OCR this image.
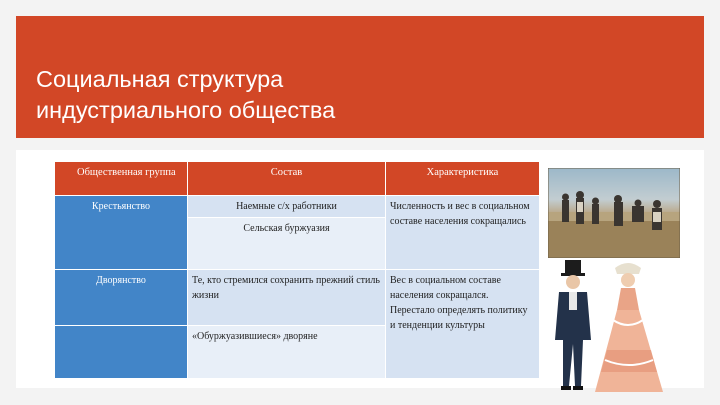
Социальная структура
индустриального общества
Общественная группа	Состав	Характеристика
Крестьянство	Наемные с/х работники	Численность и вес в социальном составе населения сокращались
	Сельская буржуазия	
Дворянство	Те, кто стремился сохранить прежний стиль жизни	Вес в социальном составе населения сокращался. Перестало определять политику и тенденции культуры
	«Обуржуазившиеся» дворяне	
